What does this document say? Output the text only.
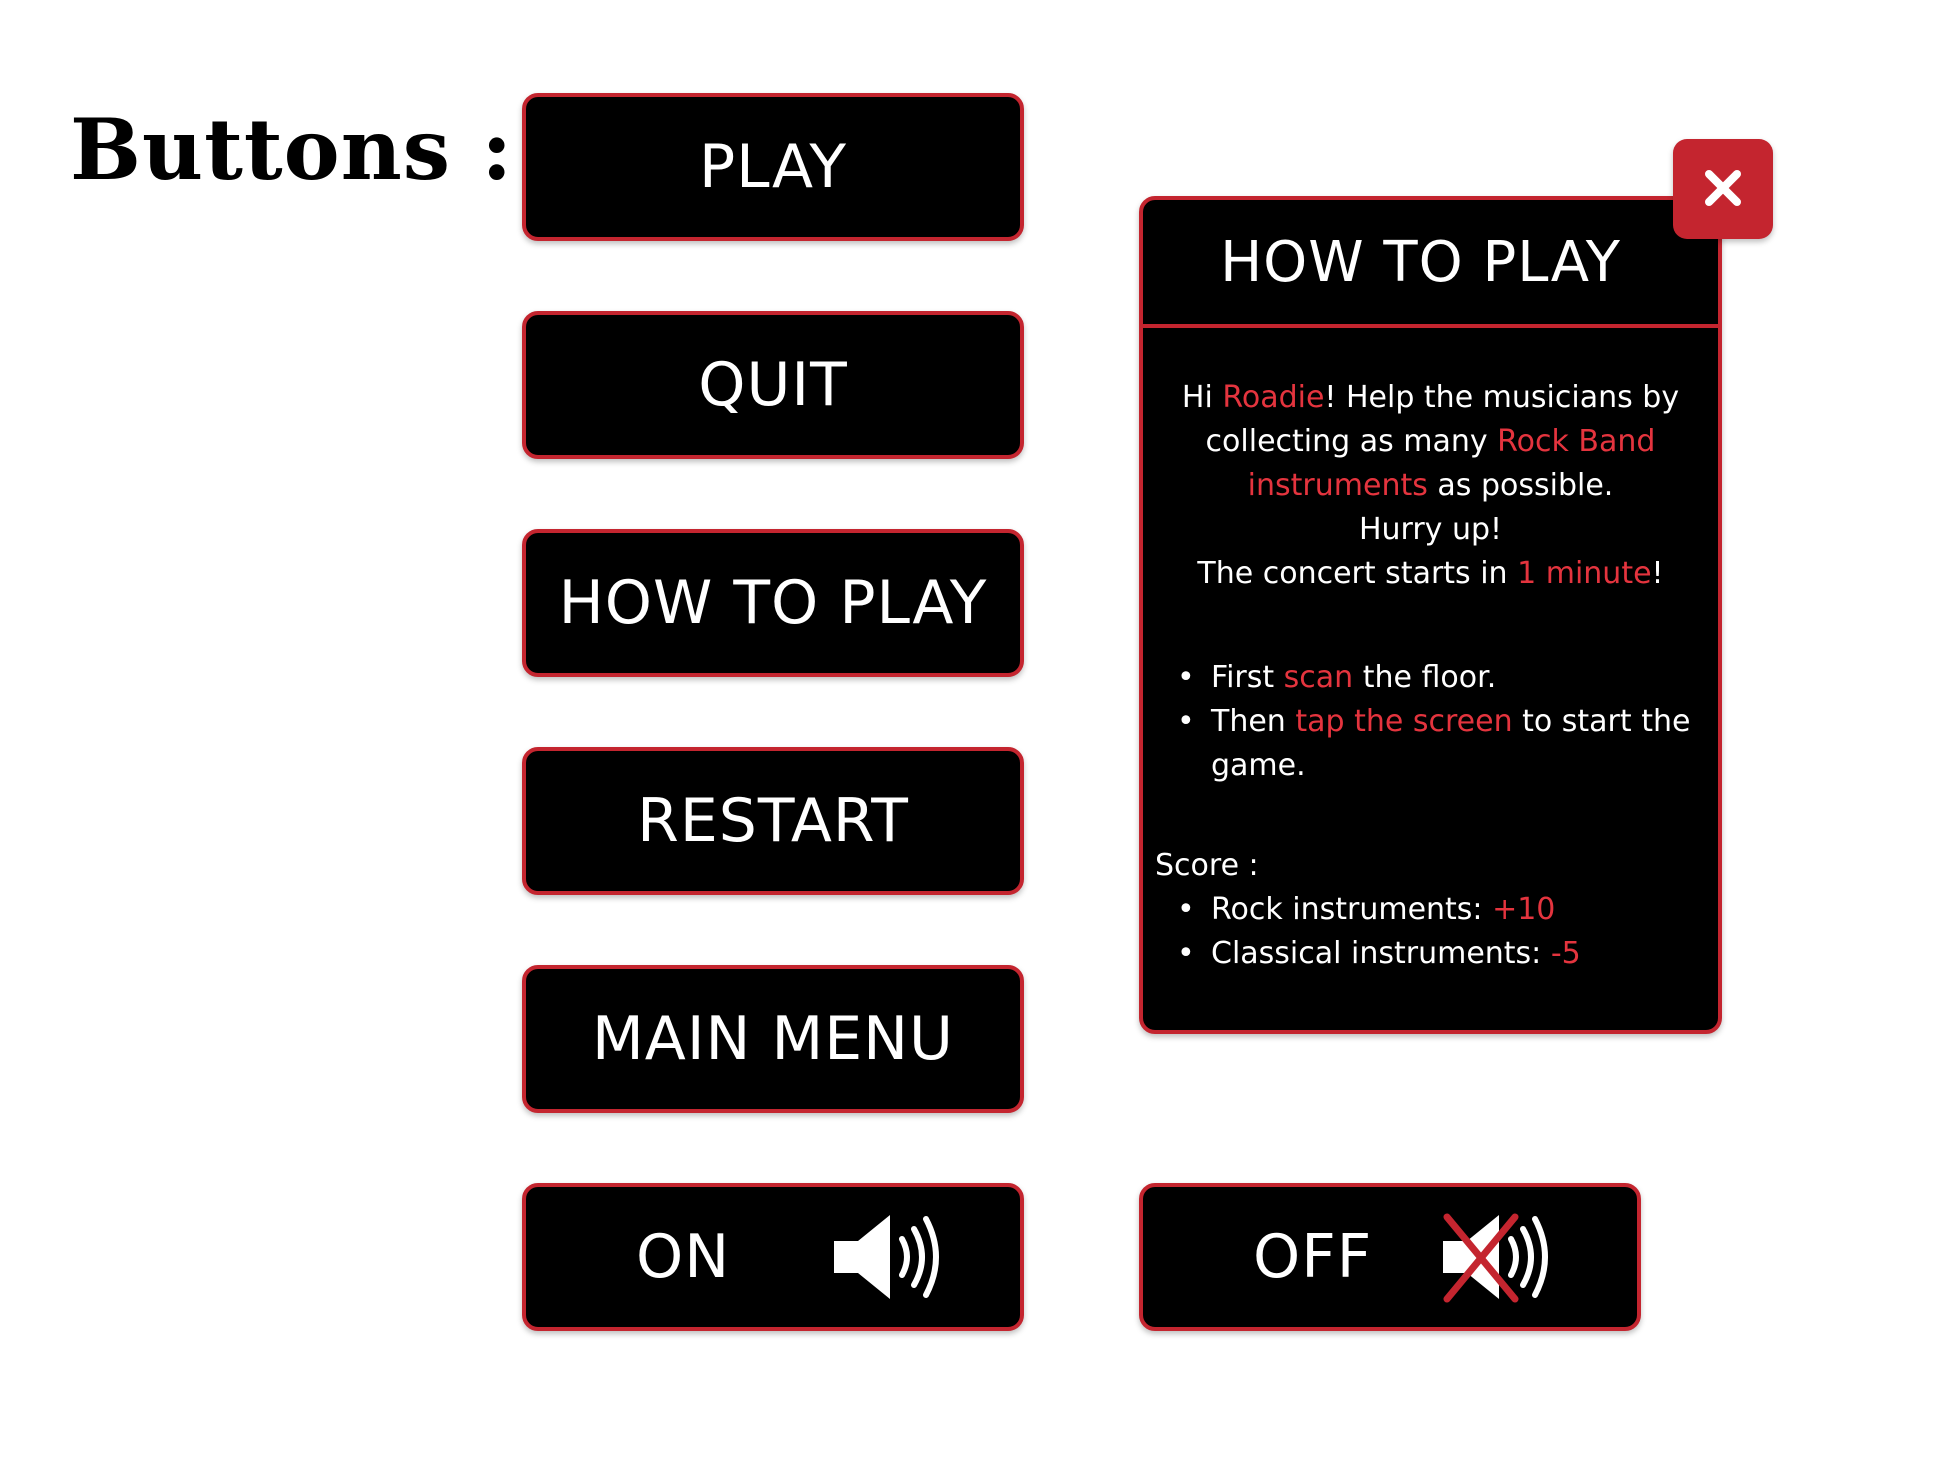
Buttons :	PLAY
QUIT
HOW TO PLAY
RESTART
MAIN MENU
ON	OFF
HOW TO PLAY
Hi Roadie! Help the musicians by
collecting as many Rock Band
instruments as possible.
Hurry up!
The concert starts in 1 minute!
• First scan the floor.
• Then tap the screen to start the game.
Score :
• Rock instruments: +10
• Classical instruments: -5
